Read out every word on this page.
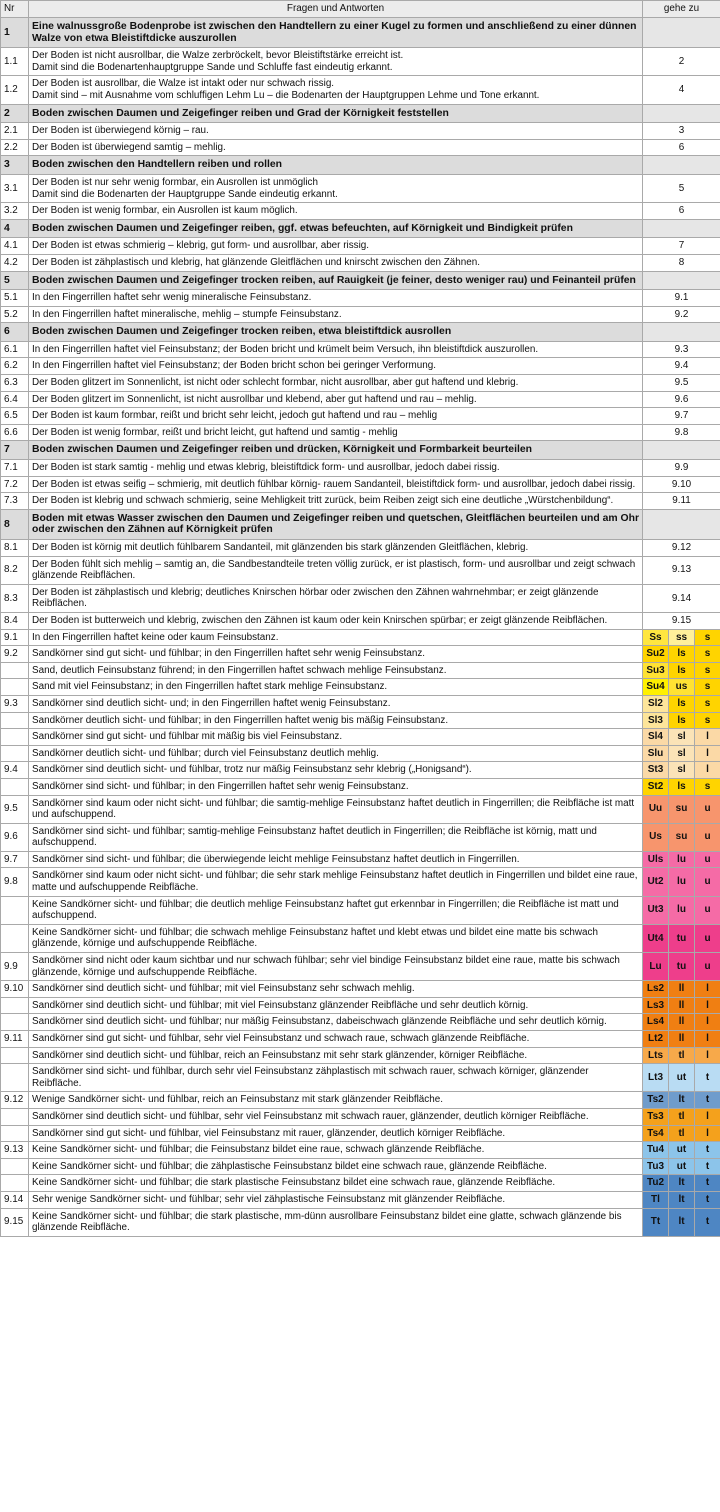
Nr	Fragen und Antworten	gehe zu		
1	Eine walnussgroße Bodenprobe ist zwischen den Handtellern zu einer Kugel zu formen und anschließend zu einer dünnen Walze von etwa Bleistiftdicke auszurollen			

1.1	Der Boden ist nicht ausrollbar, die Walze zerbröckelt, bevor Bleistiftstärke erreicht ist.
Damit sind die Bodenartenhauptgruppe Sande und Schluffe fast eindeutig erkannt.	2		
1.2	Der Boden ist ausrollbar, die Walze ist intakt oder nur schwach rissig.
Damit sind – mit Ausnahme vom schluffigen Lehm Lu – die Bodenarten der Hauptgruppen Lehme und Tone erkannt.	4		
2	Boden zwischen Daumen und Zeigefinger reiben und Grad der Körnigkeit feststellen			

2.1	Der Boden ist überwiegend körnig – rau.	3		
2.2	Der Boden ist überwiegend samtig – mehlig.	6		
3	Boden zwischen den Handtellern reiben und rollen			

3.1	Der Boden ist nur sehr wenig formbar, ein Ausrollen ist unmöglich
Damit sind die Bodenarten der Hauptgruppe Sande eindeutig erkannt.	5		
3.2	Der Boden ist wenig formbar, ein Ausrollen ist kaum möglich.	6		
4	Boden zwischen Daumen und Zeigefinger reiben, ggf. etwas befeuchten, auf Körnigkeit und Bindigkeit prüfen			

4.1	Der Boden ist etwas schmierig – klebrig, gut form- und ausrollbar, aber rissig.	7		
4.2	Der Boden ist zähplastisch und klebrig, hat glänzende Gleitflächen und knirscht zwischen den Zähnen.	8		
5	Boden zwischen Daumen und Zeigefinger trocken reiben, auf Rauigkeit (je feiner, desto weniger rau) und Feinanteil prüfen			

5.1	In den Fingerrillen haftet sehr wenig mineralische Feinsubstanz.	9.1		
5.2	In den Fingerrillen haftet mineralische, mehlig – stumpfe Feinsubstanz.	9.2		
6	Boden zwischen Daumen und Zeigefinger trocken reiben, etwa bleistiftdick ausrollen			

6.1	In den Fingerrillen haftet viel Feinsubstanz; der Boden bricht und krümelt beim Versuch, ihn bleistiftdick auszurollen.	9.3		
6.2	In den Fingerrillen haftet viel Feinsubstanz; der Boden bricht schon bei geringer Verformung.	9.4		
6.3	Der Boden glitzert im Sonnenlicht, ist nicht oder schlecht formbar, nicht ausrollbar, aber gut haftend und klebrig.	9.5		
6.4	Der Boden glitzert im Sonnenlicht, ist nicht ausrollbar und klebend, aber gut haftend und rau – mehlig.	9.6		
6.5	Der Boden ist kaum formbar, reißt und bricht sehr leicht, jedoch gut haftend und rau – mehlig	9.7		
6.6	Der Boden ist wenig formbar, reißt und bricht leicht, gut haftend und samtig - mehlig	9.8		
7	Boden zwischen Daumen und Zeigefinger reiben und drücken, Körnigkeit und Formbarkeit beurteilen			

7.1	Der Boden ist stark samtig - mehlig und etwas klebrig, bleistiftdick form- und ausrollbar, jedoch dabei rissig.	9.9		
7.2	Der Boden ist etwas seifig – schmierig, mit deutlich fühlbar körnig- rauem Sandanteil, bleistiftdick form- und ausrollbar, jedoch dabei rissig.	9.10		
7.3	Der Boden ist klebrig und schwach schmierig, seine Mehligkeit tritt zurück, beim Reiben zeigt sich eine deutliche „Würstchenbildung“.	9.11		
8	Boden mit etwas Wasser zwischen den Daumen und Zeigefinger reiben und quetschen, Gleitflächen beurteilen und am Ohr oder zwischen den Zähnen auf Körnigkeit prüfen			

8.1	Der Boden ist körnig mit deutlich fühlbarem Sandanteil, mit glänzenden bis stark glänzenden Gleitflächen, klebrig.	9.12		
8.2	Der Boden fühlt sich mehlig – samtig an, die Sandbestandteile treten völlig zurück, er ist plastisch, form- und ausrollbar und zeigt schwach glänzende Reibflächen.	9.13		
8.3	Der Boden ist zähplastisch und klebrig; deutliches Knirschen hörbar oder zwischen den Zähnen wahrnehmbar; er zeigt glänzende Reibflächen.	9.14		
8.4	Der Boden ist butterweich und klebrig, zwischen den Zähnen ist kaum oder kein Knirschen spürbar; er zeigt glänzende Reibflächen.	9.15		
9.1	In den Fingerrillen haftet keine oder kaum Feinsubstanz.	Ss	ss	s
9.2	Sandkörner sind gut sicht- und fühlbar; in den Fingerrillen haftet sehr wenig Feinsubstanz.	Su2	ls	s

	Sand, deutlich Feinsubstanz führend; in den Fingerrillen haftet schwach mehlige Feinsubstanz.	Su3	ls	s

	Sand mit viel Feinsubstanz; in den Fingerrillen haftet stark mehlige Feinsubstanz.	Su4	us	s
9.3	Sandkörner sind deutlich sicht- und; in den Fingerrillen haftet wenig Feinsubstanz.	Sl2	ls	s

	Sandkörner deutlich sicht- und fühlbar; in den Fingerrillen haftet wenig bis mäßig Feinsubstanz.	Sl3	ls	s

	Sandkörner sind gut sicht- und fühlbar mit mäßig bis viel Feinsubstanz.	Sl4	sl	l

	Sandkörner deutlich sicht- und fühlbar; durch viel Feinsubstanz deutlich mehlig.	Slu	sl	l
9.4	Sandkörner sind deutlich sicht- und fühlbar, trotz nur mäßig Feinsubstanz sehr klebrig („Honigsand“).	St3	sl	l

	Sandkörner sind sicht- und fühlbar; in den Fingerrillen haftet sehr wenig Feinsubstanz.	St2	ls	s
9.5	Sandkörner sind kaum oder nicht sicht- und fühlbar; die samtig-mehlige Feinsubstanz haftet deutlich in Fingerrillen; die Reibfläche ist matt und aufschuppend.	Uu	su	u
9.6	Sandkörner sind sicht- und fühlbar; samtig-mehlige Feinsubstanz haftet deutlich in Fingerrillen; die Reibfläche ist körnig, matt und aufschuppend.	Us	su	u
9.7	Sandkörner sind sicht- und fühlbar; die überwiegende leicht mehlige Feinsubstanz haftet deutlich in Fingerrillen.	Uls	lu	u
9.8	Sandkörner sind kaum oder nicht sicht- und fühlbar; die sehr stark mehlige Feinsubstanz haftet deutlich in Fingerrillen und bildet eine raue, matte und aufschuppende Reibfläche.	Ut2	lu	u

	Keine Sandkörner sicht- und fühlbar; die deutlich mehlige Feinsubstanz haftet gut erkennbar in Fingerrillen; die Reibfläche ist matt und aufschuppend.	Ut3	lu	u

	Keine Sandkörner sicht- und fühlbar; die schwach mehlige Feinsubstanz haftet und klebt etwas und bildet eine matte bis schwach glänzende, körnige und aufschuppende Reibfläche.	Ut4	tu	u
9.9	Sandkörner sind nicht oder kaum sichtbar und nur schwach fühlbar; sehr viel bindige Feinsubstanz bildet eine raue, matte bis schwach glänzende, körnige und aufschuppende Reibfläche.	Lu	tu	u
9.10	Sandkörner sind deutlich sicht- und fühlbar; mit viel Feinsubstanz sehr schwach mehlig.	Ls2	ll	l

	Sandkörner sind deutlich sicht- und fühlbar; mit viel Feinsubstanz glänzender Reibfläche und sehr deutlich körnig.	Ls3	ll	l

	Sandkörner sind deutlich sicht- und fühlbar; nur mäßig Feinsubstanz, dabeischwach glänzende Reibfläche und sehr deutlich körnig.	Ls4	ll	l
9.11	Sandkörner sind gut sicht- und fühlbar, sehr viel Feinsubstanz und schwach raue, schwach glänzende Reibfläche.	Lt2	ll	l

	Sandkörner sind deutlich sicht- und fühlbar, reich an Feinsubstanz mit sehr stark glänzender, körniger Reibfläche.	Lts	tl	l

	Sandkörner sind sicht- und fühlbar, durch sehr viel Feinsubstanz zähplastisch mit schwach rauer, schwach körniger, glänzender Reibfläche.	Lt3	ut	t
9.12	Wenige Sandkörner sicht- und fühlbar, reich an Feinsubstanz mit stark glänzender Reibfläche.	Ts2	lt	t

	Sandkörner sind deutlich sicht- und fühlbar, sehr viel Feinsubstanz mit schwach rauer, glänzender, deutlich körniger Reibfläche.	Ts3	tl	l

	Sandkörner sind gut sicht- und fühlbar, viel Feinsubstanz mit rauer, glänzender, deutlich körniger Reibfläche.	Ts4	tl	l
9.13	Keine Sandkörner sicht- und fühlbar; die Feinsubstanz bildet eine raue, schwach glänzende Reibfläche.	Tu4	ut	t

	Keine Sandkörner sicht- und fühlbar; die zähplastische Feinsubstanz bildet eine schwach raue, glänzende Reibfläche.	Tu3	ut	t

	Keine Sandkörner sicht- und fühlbar; die stark plastische Feinsubstanz bildet eine schwach raue, glänzende Reibfläche.	Tu2	lt	t
9.14	Sehr wenige Sandkörner sicht- und fühlbar; sehr viel zähplastische Feinsubstanz mit glänzender Reibfläche.	Tl	lt	t
9.15	Keine Sandkörner sicht- und fühlbar; die stark plastische, mm-dünn ausrollbare Feinsubstanz bildet eine glatte, schwach glänzende bis glänzende Reibfläche.	Tt	lt	t
